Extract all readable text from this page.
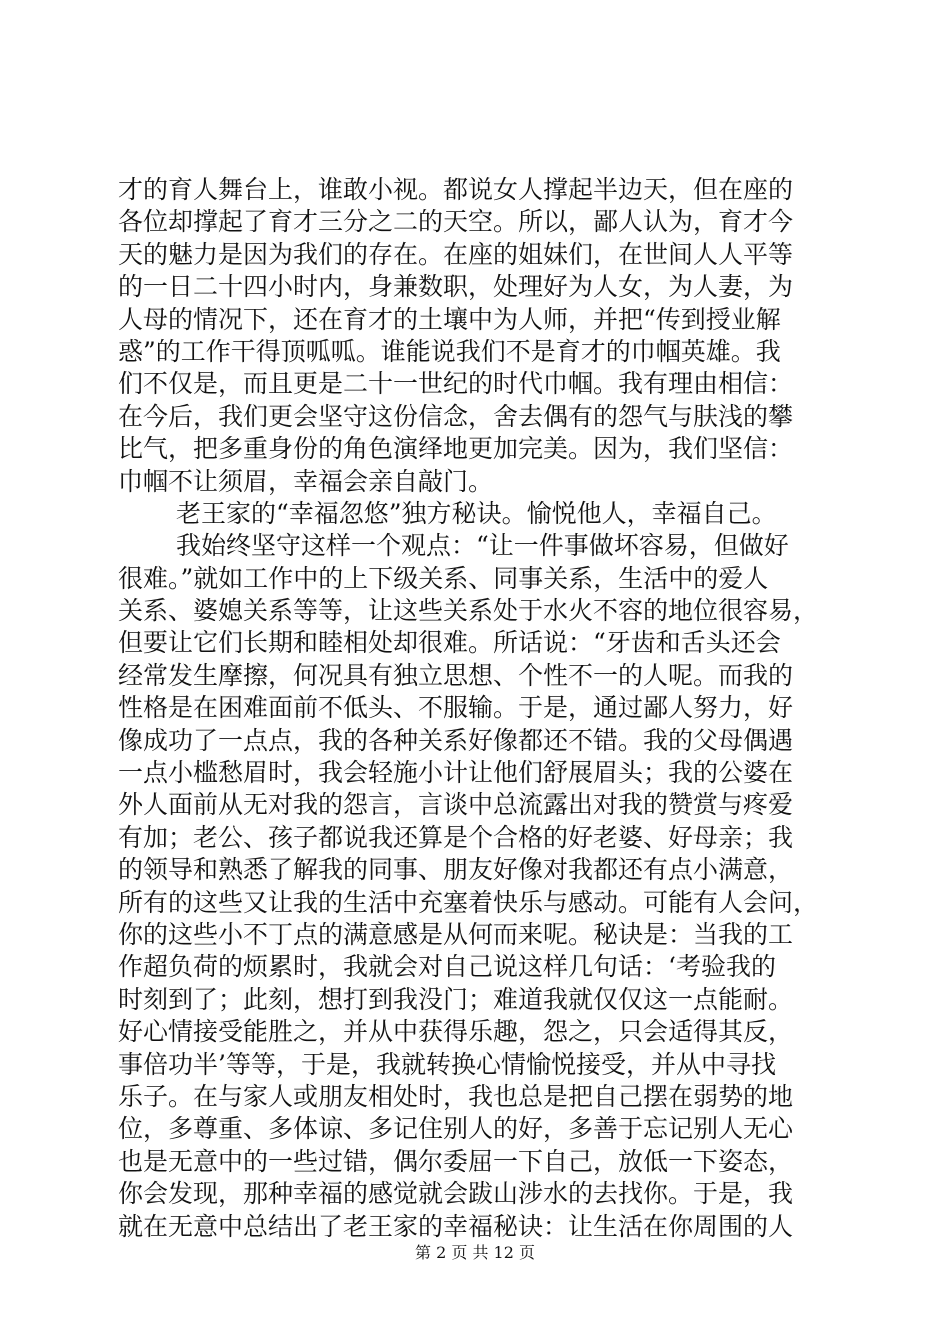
才的育人舞台上，谁敢小视。都说女人撑起半边天，但在座的
各位却撑起了育才三分之二的天空。所以，鄙人认为，育才今
天的魅力是因为我们的存在。在座的姐妹们，在世间人人平等
的一日二十四小时内，身兼数职，处理好为人女，为人妻，为
人母的情况下，还在育才的土壤中为人师，并把“传到授业解
惑”的工作干得顶呱呱。谁能说我们不是育才的巾帼英雄。我
们不仅是，而且更是二十一世纪的时代巾帼。我有理由相信：
在今后，我们更会坚守这份信念，舍去偶有的怨气与肤浅的攀
比气，把多重身份的角色演绎地更加完美。因为，我们坚信：
巾帼不让须眉，幸福会亲自敲门。
老王家的“幸福忽悠”独方秘诀。愉悦他人，幸福自己。
我始终坚守这样一个观点：“让一件事做坏容易，但做好
很难。”就如工作中的上下级关系、同事关系，生活中的爱人
关系、婆媳关系等等，让这些关系处于水火不容的地位很容易，
但要让它们长期和睦相处却很难。所话说：“牙齿和舌头还会
经常发生摩擦，何况具有独立思想、个性不一的人呢。而我的
性格是在困难面前不低头、不服输。于是，通过鄙人努力，好
像成功了一点点，我的各种关系好像都还不错。我的父母偶遇
一点小槛愁眉时，我会轻施小计让他们舒展眉头；我的公婆在
外人面前从无对我的怨言，言谈中总流露出对我的赞赏与疼爱
有加；老公、孩子都说我还算是个合格的好老婆、好母亲；我
的领导和熟悉了解我的同事、朋友好像对我都还有点小满意，
所有的这些又让我的生活中充塞着快乐与感动。可能有人会问，
你的这些小不丁点的满意感是从何而来呢。秘诀是：当我的工
作超负荷的烦累时，我就会对自己说这样几句话：‘考验我的
时刻到了；此刻，想打到我没门；难道我就仅仅这一点能耐。
好心情接受能胜之，并从中获得乐趣，怨之，只会适得其反，
事倍功半’等等，于是，我就转换心情愉悦接受，并从中寻找
乐子。在与家人或朋友相处时，我也总是把自己摆在弱势的地
位，多尊重、多体谅、多记住别人的好，多善于忘记别人无心
也是无意中的一些过错，偶尔委屈一下自己，放低一下姿态，
你会发现，那种幸福的感觉就会跋山涉水的去找你。于是，我
就在无意中总结出了老王家的幸福秘诀：让生活在你周围的人
第 2 页 共 12 页
